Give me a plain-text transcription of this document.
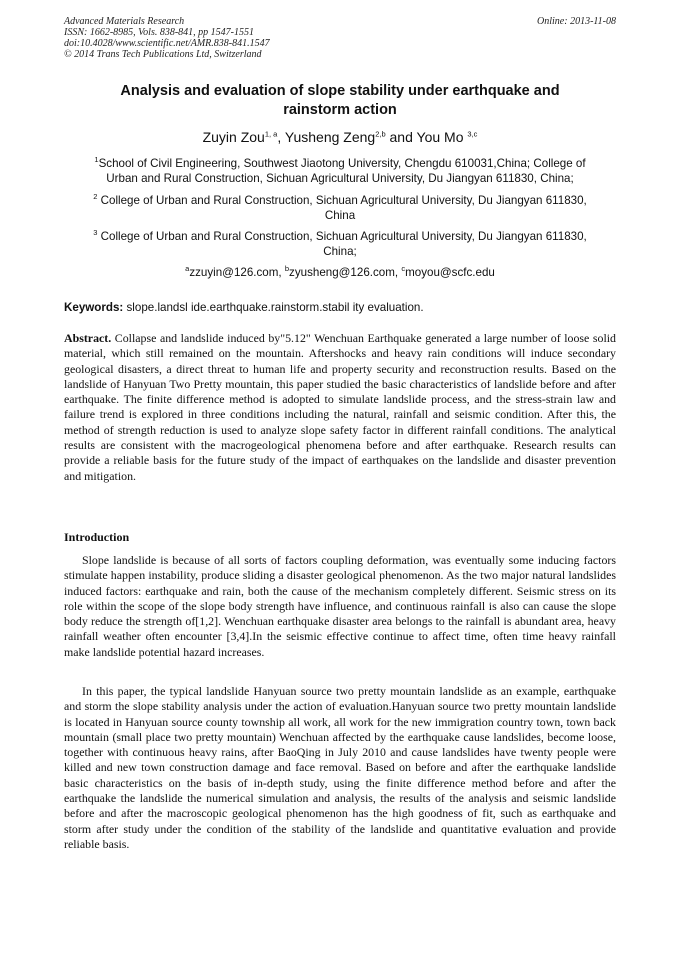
Advanced Materials Research
ISSN: 1662-8985, Vols. 838-841, pp 1547-1551
doi:10.4028/www.scientific.net/AMR.838-841.1547
© 2014 Trans Tech Publications Ltd, Switzerland
Online: 2013-11-08
Analysis and evaluation of slope stability under earthquake and
rainstorm action
Zuyin Zou$^{1, a}$, Yusheng Zeng$^{2,b}$ and You Mo $^{3,c}$
$^1$School of Civil Engineering, Southwest Jiaotong University, Chengdu 610031,China; College of
Urban and Rural Construction, Sichuan Agricultural University, Du Jiangyan 611830, China;
$^2$ College of Urban and Rural Construction, Sichuan Agricultural University, Du Jiangyan 611830,
China
$^3$ College of Urban and Rural Construction, Sichuan Agricultural University, Du Jiangyan 611830,
China;
$^a$zzuyin@126.com, $^b$zyusheng@126.com, $^c$moyou@scfc.edu
Keywords: slope.landsl ide.earthquake.rainstorm.stabil ity evaluation.
Abstract. Collapse and landslide induced by"5.12" Wenchuan Earthquake generated a large number of loose solid material, which still remained on the mountain. Aftershocks and heavy rain conditions will induce secondary geological disasters, a direct threat to human life and property security and reconstruction results. Based on the landslide of Hanyuan Two Pretty mountain, this paper studied the basic characteristics of landslide before and after earthquake. The finite difference method is adopted to simulate landslide process, and the stress-strain law and failure trend is explored in three conditions including the natural, rainfall and seismic condition. After this, the method of strength reduction is used to analyze slope safety factor in different rainfall conditions. The analytical results are consistent with the macrogeological phenomena before and after earthquake. Research results can provide a reliable basis for the future study of the impact of earthquakes on the landslide and disaster prevention and mitigation.
Introduction
Slope landslide is because of all sorts of factors coupling deformation, was eventually some inducing factors stimulate happen instability, produce sliding a disaster geological phenomenon. As the two major natural landslides induced factors: earthquake and rain, both the cause of the mechanism completely different. Seismic stress on its role within the scope of the slope body strength have influence, and continuous rainfall is also can cause the slope body reduce the strength of[1,2]. Wenchuan earthquake disaster area belongs to the rainfall is abundant area, heavy rainfall weather often encounter [3,4].In the seismic effective continue to affect time, often time heavy rainfall make landslide potential hazard increases.
In this paper, the typical landslide Hanyuan source two pretty mountain landslide as an example, earthquake and storm the slope stability analysis under the action of evaluation.Hanyuan source two pretty mountain landslide is located in Hanyuan source county township all work, all work for the new immigration country town, town back mountain (small place two pretty mountain) Wenchuan affected by the earthquake cause landslides, become loose, together with continuous heavy rains, after BaoQing in July 2010 and cause landslides have twenty people were killed and new town construction damage and face removal. Based on before and after the earthquake landslide basic characteristics on the basis of in-depth study, using the finite difference method before and after the earthquake the landslide the numerical simulation and analysis, the results of the analysis and seismic landslide before and after the macroscopic geological phenomenon has the high goodness of fit, such as earthquake and storm after study under the condition of the stability of the landslide and quantitative evaluation and provide reliable basis.
